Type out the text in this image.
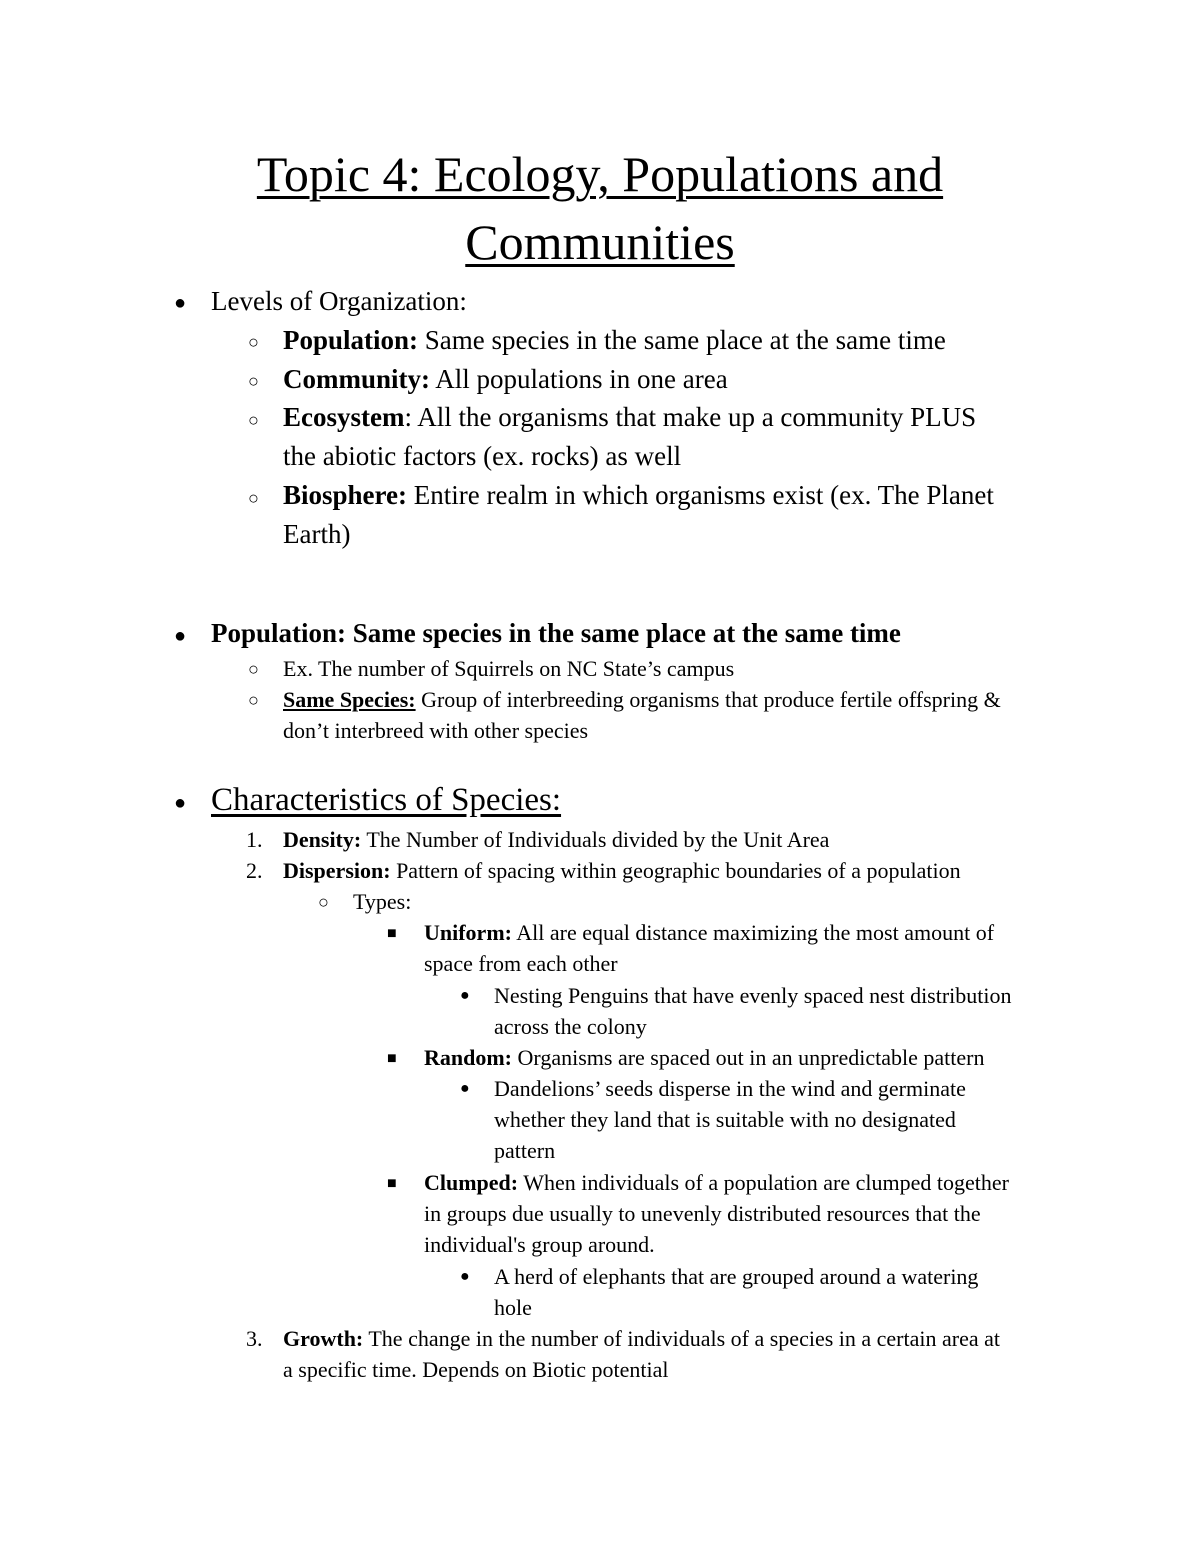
Topic 4: Ecology, Populations and
Communities
● Levels of Organization:
○ Population: Same species in the same place at the same time
○ Community: All populations in one area
○ Ecosystem: All the organisms that make up a community PLUS
the abiotic factors (ex. rocks) as well
○ Biosphere: Entire realm in which organisms exist (ex. The Planet
Earth)
● Population: Same species in the same place at the same time
○ Ex. The number of Squirrels on NC State’s campus
○ Same Species: Group of interbreeding organisms that produce fertile offspring &
don’t interbreed with other species
● Characteristics of Species:
1. Density: The Number of Individuals divided by the Unit Area
2. Dispersion: Pattern of spacing within geographic boundaries of a population
○ Types:
■ Uniform: All are equal distance maximizing the most amount of
space from each other
● Nesting Penguins that have evenly spaced nest distribution
across the colony
■ Random: Organisms are spaced out in an unpredictable pattern
● Dandelions’ seeds disperse in the wind and germinate
whether they land that is suitable with no designated
pattern
■ Clumped: When individuals of a population are clumped together
in groups due usually to unevenly distributed resources that the
individual's group around.
● A herd of elephants that are grouped around a watering
hole
3. Growth: The change in the number of individuals of a species in a certain area at
a specific time. Depends on Biotic potential
